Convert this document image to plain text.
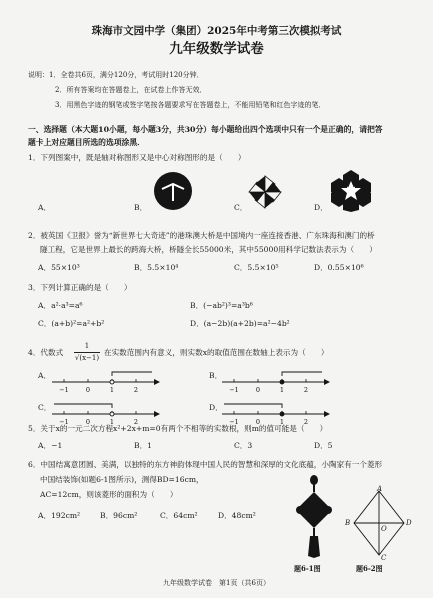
珠海市文园中学（集团）2025年中考第三次模拟考试
九年级数学试卷
说明：1．全卷共6页，满分120分，考试用时120分钟．
2．所有答案均在答题卷上，在试卷上作答无效．
3．用黑色字迹的钢笔或签字笔按各题要求写在答题卷上，不能用铅笔和红色字迹的笔．
一、选择题（本大题10小题，每小题3分，共30分）每小题给出四个选项中只有一个是正确的，请把答
题卡上对应题目所选的选项涂黑．
1．下列图案中，既是轴对称图形又是中心对称图形的是（　　）
A．	B．	C．	D．
2．被英国《卫报》誉为“新世界七大奇迹”的港珠澳大桥是中国境内一座连接香港、广东珠海和澳门的桥
隧工程，它是世界上最长的跨海大桥，桥隧全长55000米，其中55000用科学记数法表示为（　　）
A．55×10³	B．5.5×10⁴	C．5.5×10⁵	D．0.55×10⁶
3．下列计算正确的是（　　）
A．a²·a³=a⁶	B．(−ab²)³=a³b⁶
C．(a+b)²=a²+b²	D．(a−2b)(a+2b)=a²−4b²
4．代数式
1
√(x−1)
在实数范围内有意义，则实数x的取值范围在数轴上表示为（　　）
A．	B．
C．	D．
−1	0	1	2	−1	0	1	2
−1	0	1	2	−1	0	1	2
5．关于x的一元二次方程x²+2x+m=0有两个不相等的实数根，则m的值可能是（　　）
A．−1	B．1	C．3	D．5
6．中国结寓意团圆、美满，以独特的东方神韵体现中国人民的智慧和深厚的文化底蕴，小陶家有一个菱形
中国结装饰(如题6-1图所示)，测得BD=16cm，
AC=12cm，则该菱形的面积为（　　）
A．192cm²	B．96cm²	C．64cm²	D．48cm²
题6-1图
A
B
C
D
O
题6-2图
九年级数学试卷　第1页（共6页）
